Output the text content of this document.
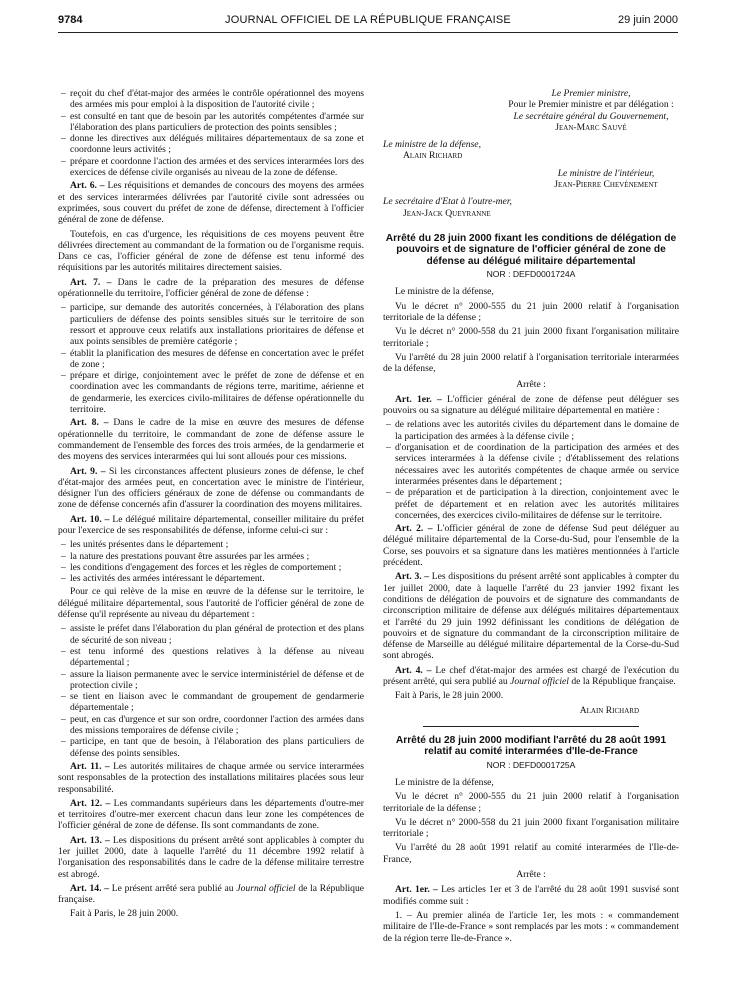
9784	JOURNAL OFFICIEL DE LA RÉPUBLIQUE FRANÇAISE	29 juin 2000
– reçoit du chef d'état-major des armées le contrôle opérationnel des moyens des armées mis pour emploi à la disposition de l'autorité civile ;
– est consulté en tant que de besoin par les autorités compétentes d'armée sur l'élaboration des plans particuliers de protection des points sensibles ;
– donne les directives aux délégués militaires départementaux de sa zone et coordonne leurs activités ;
– prépare et coordonne l'action des armées et des services interarmées lors des exercices de défense civile organisés au niveau de la zone de défense.

Art. 6. – Les réquisitions et demandes de concours des moyens des armées et des services interarmées délivrées par l'autorité civile sont adressées ou exprimées, sous couvert du préfet de zone de défense, directement à l'officier général de zone de défense.

Toutefois, en cas d'urgence, les réquisitions de ces moyens peuvent être délivrées directement au commandant de la formation ou de l'organisme requis. Dans ce cas, l'officier général de zone de défense est tenu informé des réquisitions par les autorités militaires directement saisies.

Art. 7. – Dans le cadre de la préparation des mesures de défense opérationnelle du territoire, l'officier général de zone de défense :

– participe, sur demande des autorités concernées, à l'élaboration des plans particuliers de défense des points sensibles situés sur le territoire de son ressort et approuve ceux relatifs aux installations prioritaires de défense et aux points sensibles de première catégorie ;
– établit la planification des mesures de défense en concertation avec le préfet de zone ;
– prépare et dirige, conjointement avec le préfet de zone de défense et en coordination avec les commandants de régions terre, maritime, aérienne et de gendarmerie, les exercices civilo-militaires de défense opérationnelle du territoire.

Art. 8. – Dans le cadre de la mise en œuvre des mesures de défense opérationnelle du territoire, le commandant de zone de défense assure le commandement de l'ensemble des forces des trois armées, de la gendarmerie et des moyens des services interarmées qui lui sont alloués pour ces missions.

Art. 9. – Si les circonstances affectent plusieurs zones de défense, le chef d'état-major des armées peut, en concertation avec le ministre de l'intérieur, désigner l'un des officiers généraux de zone de défense ou commandants de zone de défense concernés afin d'assurer la coordination des moyens militaires.

Art. 10. – Le délégué militaire départemental, conseiller militaire du préfet pour l'exercice de ses responsabilités de défense, informe celui-ci sur :

– les unités présentes dans le département ;
– la nature des prestations pouvant être assurées par les armées ;
– les conditions d'engagement des forces et les règles de comportement ;
– les activités des armées intéressant le département.

Pour ce qui relève de la mise en œuvre de la défense sur le territoire, le délégué militaire départemental, sous l'autorité de l'officier général de zone de défense qu'il représente au niveau du département :

– assiste le préfet dans l'élaboration du plan général de protection et des plans de sécurité de son niveau ;
– est tenu informé des questions relatives à la défense au niveau départemental ;
– assure la liaison permanente avec le service interministériel de défense et de protection civile ;
– se tient en liaison avec le commandant de groupement de gendarmerie départementale ;
– peut, en cas d'urgence et sur son ordre, coordonner l'action des armées dans des missions temporaires de défense civile ;
– participe, en tant que de besoin, à l'élaboration des plans particuliers de défense des points sensibles.

Art. 11. – Les autorités militaires de chaque armée ou service interarmées sont responsables de la protection des installations militaires placées sous leur responsabilité.

Art. 12. – Les commandants supérieurs dans les départements d'outre-mer et territoires d'outre-mer exercent chacun dans leur zone les compétences de l'officier général de zone de défense. Ils sont commandants de zone.

Art. 13. – Les dispositions du présent arrêté sont applicables à compter du 1er juillet 2000, date à laquelle l'arrêté du 11 décembre 1992 relatif à l'organisation des responsabilités dans le cadre de la défense militaire terrestre est abrogé.

Art. 14. – Le présent arrêté sera publié au Journal officiel de la République française.

Fait à Paris, le 28 juin 2000.

Le Premier ministre,
Pour le Premier ministre et par délégation :
Le secrétaire général du Gouvernement,
Jean-Marc Sauvé
Le ministre de la défense,
Alain Richard
Le ministre de l'intérieur,
Jean-Pierre Chevènement
Le secrétaire d'Etat à l'outre-mer,
Jean-Jack Queyranne
Arrêté du 28 juin 2000 fixant les conditions de délégation de pouvoirs et de signature de l'officier général de zone de défense au délégué militaire départemental
NOR : DEFD0001724A

Le ministre de la défense,

Vu le décret n° 2000-555 du 21 juin 2000 relatif à l'organisation territoriale de la défense ;

Vu le décret n° 2000-558 du 21 juin 2000 fixant l'organisation militaire territoriale ;

Vu l'arrêté du 28 juin 2000 relatif à l'organisation territoriale interarmées de la défense,

Arrête :

Art. 1er. – L'officier général de zone de défense peut déléguer ses pouvoirs ou sa signature au délégué militaire départemental en matière :

– de relations avec les autorités civiles du département dans le domaine de la participation des armées à la défense civile ;
– d'organisation et de coordination de la participation des armées et des services interarmées à la défense civile ; d'établissement des relations nécessaires avec les autorités compétentes de chaque armée ou service interarmées présentes dans le département ;
– de préparation et de participation à la direction, conjointement avec le préfet de département et en relation avec les autorités militaires concernées, des exercices civilo-militaires de défense sur le territoire.

Art. 2. – L'officier général de zone de défense Sud peut déléguer au délégué militaire départemental de la Corse-du-Sud, pour l'ensemble de la Corse, ses pouvoirs et sa signature dans les matières mentionnées à l'article précédent.

Art. 3. – Les dispositions du présent arrêté sont applicables à compter du 1er juillet 2000, date à laquelle l'arrêté du 23 janvier 1992 fixant les conditions de délégation de pouvoirs et de signature des commandants de circonscription militaire de défense aux délégués militaires départementaux et l'arrêté du 29 juin 1992 définissant les conditions de délégation de pouvoirs et de signature du commandant de la circonscription militaire de défense de Marseille au délégué militaire départemental de la Corse-du-Sud sont abrogés.

Art. 4. – Le chef d'état-major des armées est chargé de l'exécution du présent arrêté, qui sera publié au Journal officiel de la République française.

Fait à Paris, le 28 juin 2000.

Alain Richard
Arrêté du 28 juin 2000 modifiant l'arrêté du 28 août 1991 relatif au comité interarmées d'Ile-de-France
NOR : DEFD0001725A

Le ministre de la défense,

Vu le décret n° 2000-555 du 21 juin 2000 relatif à l'organisation territoriale de la défense ;

Vu le décret n° 2000-558 du 21 juin 2000 fixant l'organisation militaire territoriale ;

Vu l'arrêté du 28 août 1991 relatif au comité interarmées de l'Ile-de-France,

Arrête :

Art. 1er. – Les articles 1er et 3 de l'arrêté du 28 août 1991 susvisé sont modifiés comme suit :

1. – Au premier alinéa de l'article 1er, les mots : « commandement militaire de l'Ile-de-France » sont remplacés par les mots : « commandement de la région terre Ile-de-France ».
